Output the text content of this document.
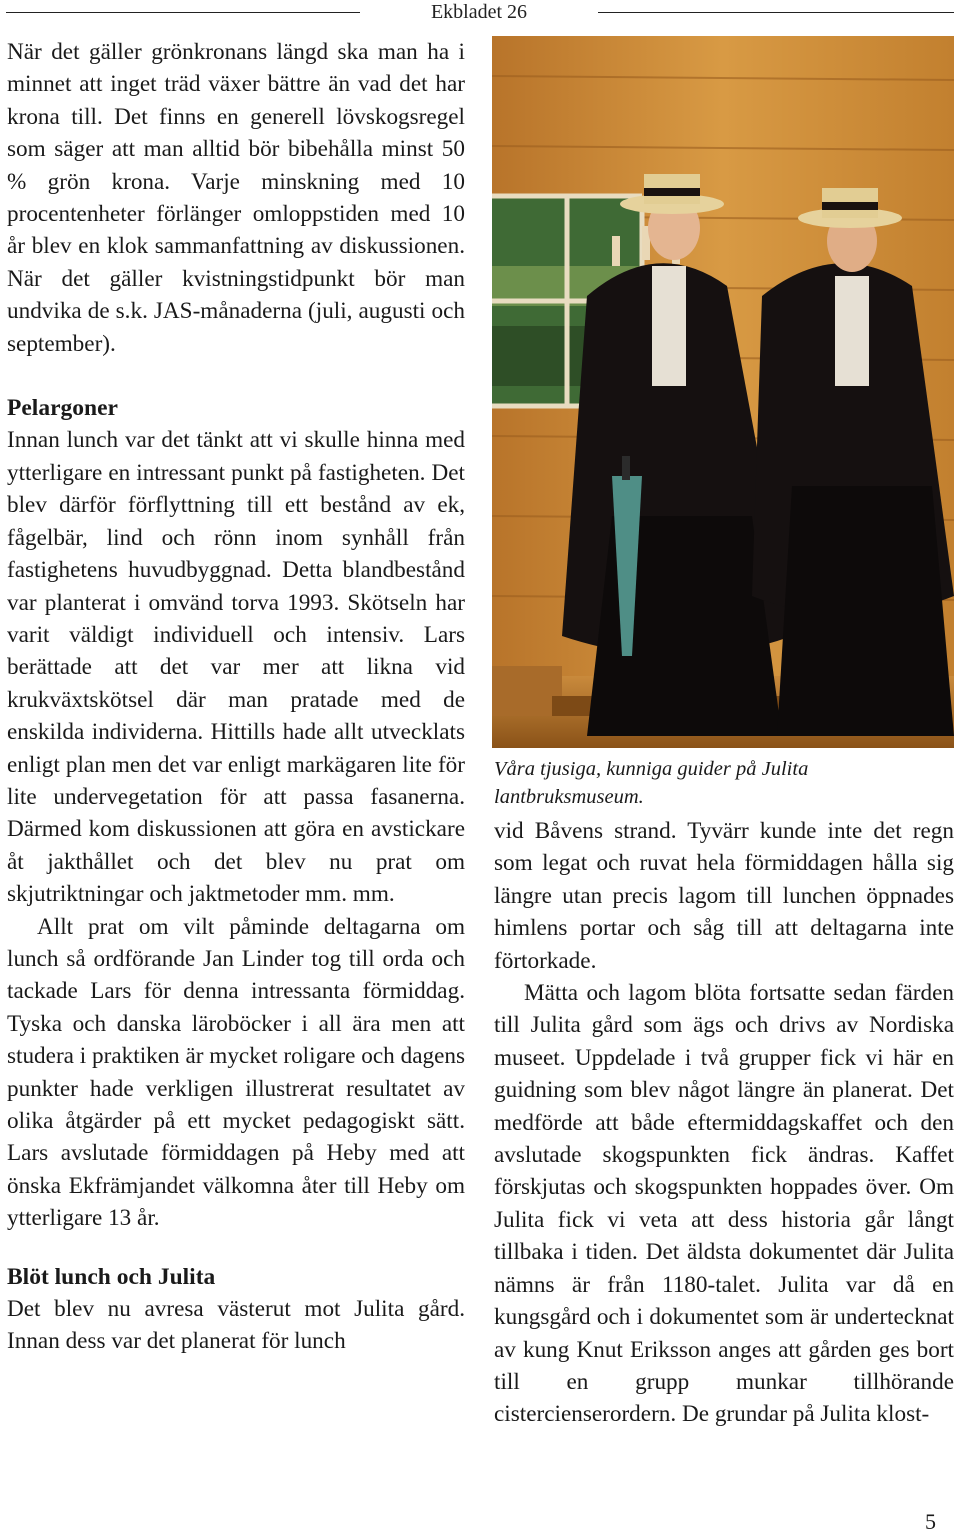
Ekbladet 26

När det gäller grönkronans längd ska man ha i minnet att inget träd växer bättre än vad det har krona till. Det finns en generell lövskogsregel som säger att man alltid bör bibehålla minst 50 % grön krona. Varje minskning med 10 procentenheter förlänger omloppstiden med 10 år blev en klok sammanfattning av diskussionen. När det gäller kvistningstidpunkt bör man undvika de s.k. JAS-månaderna (juli, augusti och september).

Pelargoner

Innan lunch var det tänkt att vi skulle hinna med ytterligare en intressant punkt på fastigheten. Det blev därför förflyttning till ett bestånd av ek, fågelbär, lind och rönn inom synhåll från fastighetens huvudbyggnad. Detta blandbestånd var planterat i omvänd torva 1993. Skötseln har varit väldigt individuell och intensiv. Lars berättade att det var mer att likna vid krukväxtskötsel där man pratade med de enskilda individerna. Hittills hade allt utvecklats enligt plan men det var enligt markägaren lite för lite undervegetation för att passa fasanerna. Därmed kom diskussionen att göra en avstickare åt jakthållet och det blev nu prat om skjutriktningar och jaktmetoder mm. mm.

Allt prat om vilt påminde deltagarna om lunch så ordförande Jan Linder tog till orda och tackade Lars för denna intressanta förmiddag. Tyska och danska läroböcker i all ära men att studera i praktiken är mycket roligare och dagens punkter hade verkligen illustrerat resultatet av olika åtgärder på ett mycket pedagogiskt sätt. Lars avslutade förmiddagen på Heby med att önska Ekfrämjandet välkomna åter till Heby om ytterligare 13 år.

Blöt lunch och Julita

Det blev nu avresa västerut mot Julita gård. Innan dess var det planerat för lunch

Våra tjusiga, kunniga guider på Julita lantbruksmuseum.

vid Båvens strand. Tyvärr kunde inte det regn som legat och ruvat hela förmiddagen hålla sig längre utan precis lagom till lunchen öppnades himlens portar och såg till att deltagarna inte förtorkade.

Mätta och lagom blöta fortsatte sedan färden till Julita gård som ägs och drivs av Nordiska museet. Uppdelade i två grupper fick vi här en guidning som blev något längre än planerat. Det medförde att både eftermiddagskaffet och den avslutade skogspunkten fick ändras. Kaffet förskjutas och skogspunkten hoppades över. Om Julita fick vi veta att dess historia går långt tillbaka i tiden. Det äldsta dokumentet där Julita nämns är från 1180-talet. Julita var då en kungsgård och i dokumentet som är undertecknat av kung Knut Eriksson anges att gården ges bort till en grupp munkar tillhörande cistercienserordern. De grundar på Julita klost-

5
